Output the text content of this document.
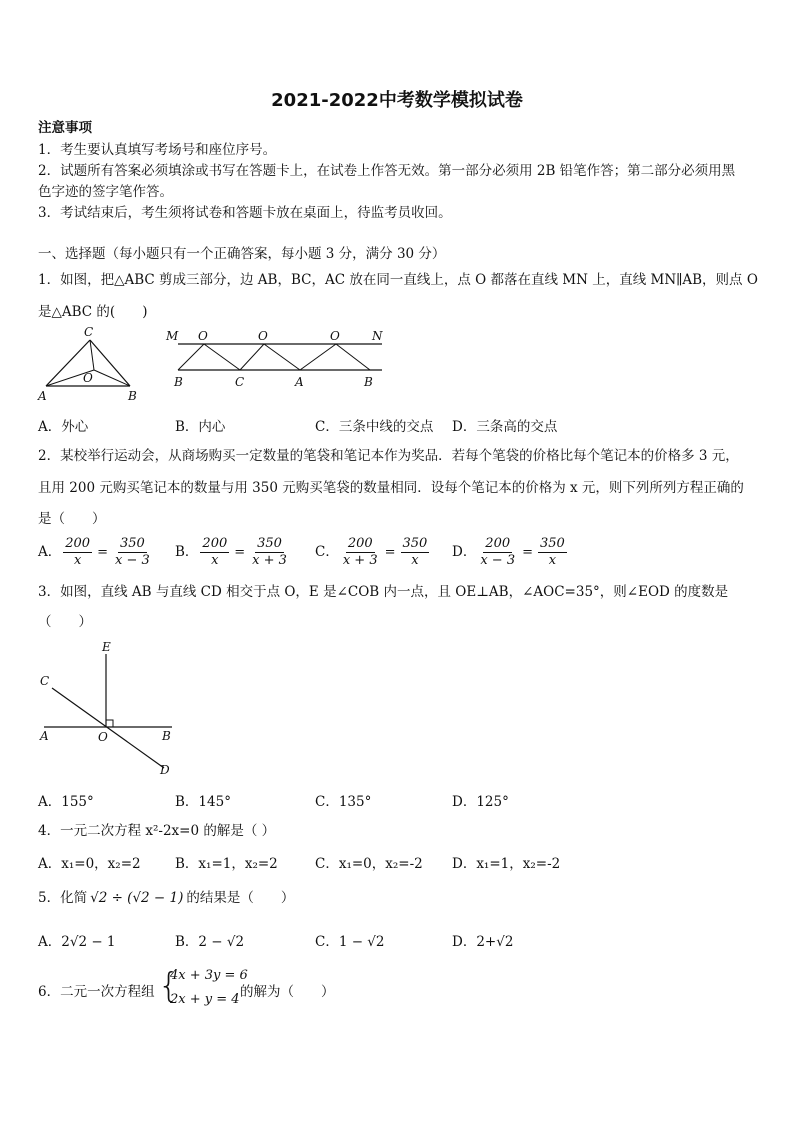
2021-2022中考数学模拟试卷
注意事项
1．考生要认真填写考场号和座位序号。
2．试题所有答案必须填涂或书写在答题卡上，在试卷上作答无效。第一部分必须用 2B 铅笔作答；第二部分必须用黑
色字迹的签字笔作答。
3．考试结束后，考生须将试卷和答题卡放在桌面上，待监考员收回。
一、选择题（每小题只有一个正确答案，每小题 3 分，满分 30 分）
1．如图，把△ABC 剪成三部分，边 AB，BC，AC 放在同一直线上，点 O 都落在直线 MN 上，直线 MN∥AB，则点 O
是△ABC 的(　　)
C
O
A	B
M O	O	O	N
B	C	A	B
A．外心	B．内心	C．三条中线的交点 D．三条高的交点
2．某校举行运动会，从商场购买一定数量的笔袋和笔记本作为奖品．若每个笔袋的价格比每个笔记本的价格多 3 元，
且用 200 元购买笔记本的数量与用 350 元购买笔袋的数量相同．设每个笔记本的价格为 x 元，则下列所列方程正确的
是（　　）
A． $\frac{200}{x} = \frac{350}{x - 3}$ B． $\frac{200}{x} = \frac{350}{x + 3}$ C． $\frac{200}{x + 3} = \frac{350}{x}$ D． $\frac{200}{x - 3} = \frac{350}{x}$
3．如图，直线 AB 与直线 CD 相交于点 O，E 是∠COB 内一点，且 OE⊥AB，∠AOC=35°，则∠EOD 的度数是
（　　）
E
C
A	O	B
D
A．155°	B．145°	C．135°	D．125°
4．一元二次方程 x²-2x=0 的解是（ ）
A．x₁=0，x₂=2	B．x₁=1，x₂=2	C．x₁=0，x₂=-2 D．x₁=1，x₂=-2
5．化简 √2 ÷ (√2 − 1) 的结果是（　　）
A．2√2 − 1	B．2 − √2	C．1 − √2	D．2+√2
6．二元一次方程组 {
4x + 3y = 6
2x + y = 4 的解为（　　）
